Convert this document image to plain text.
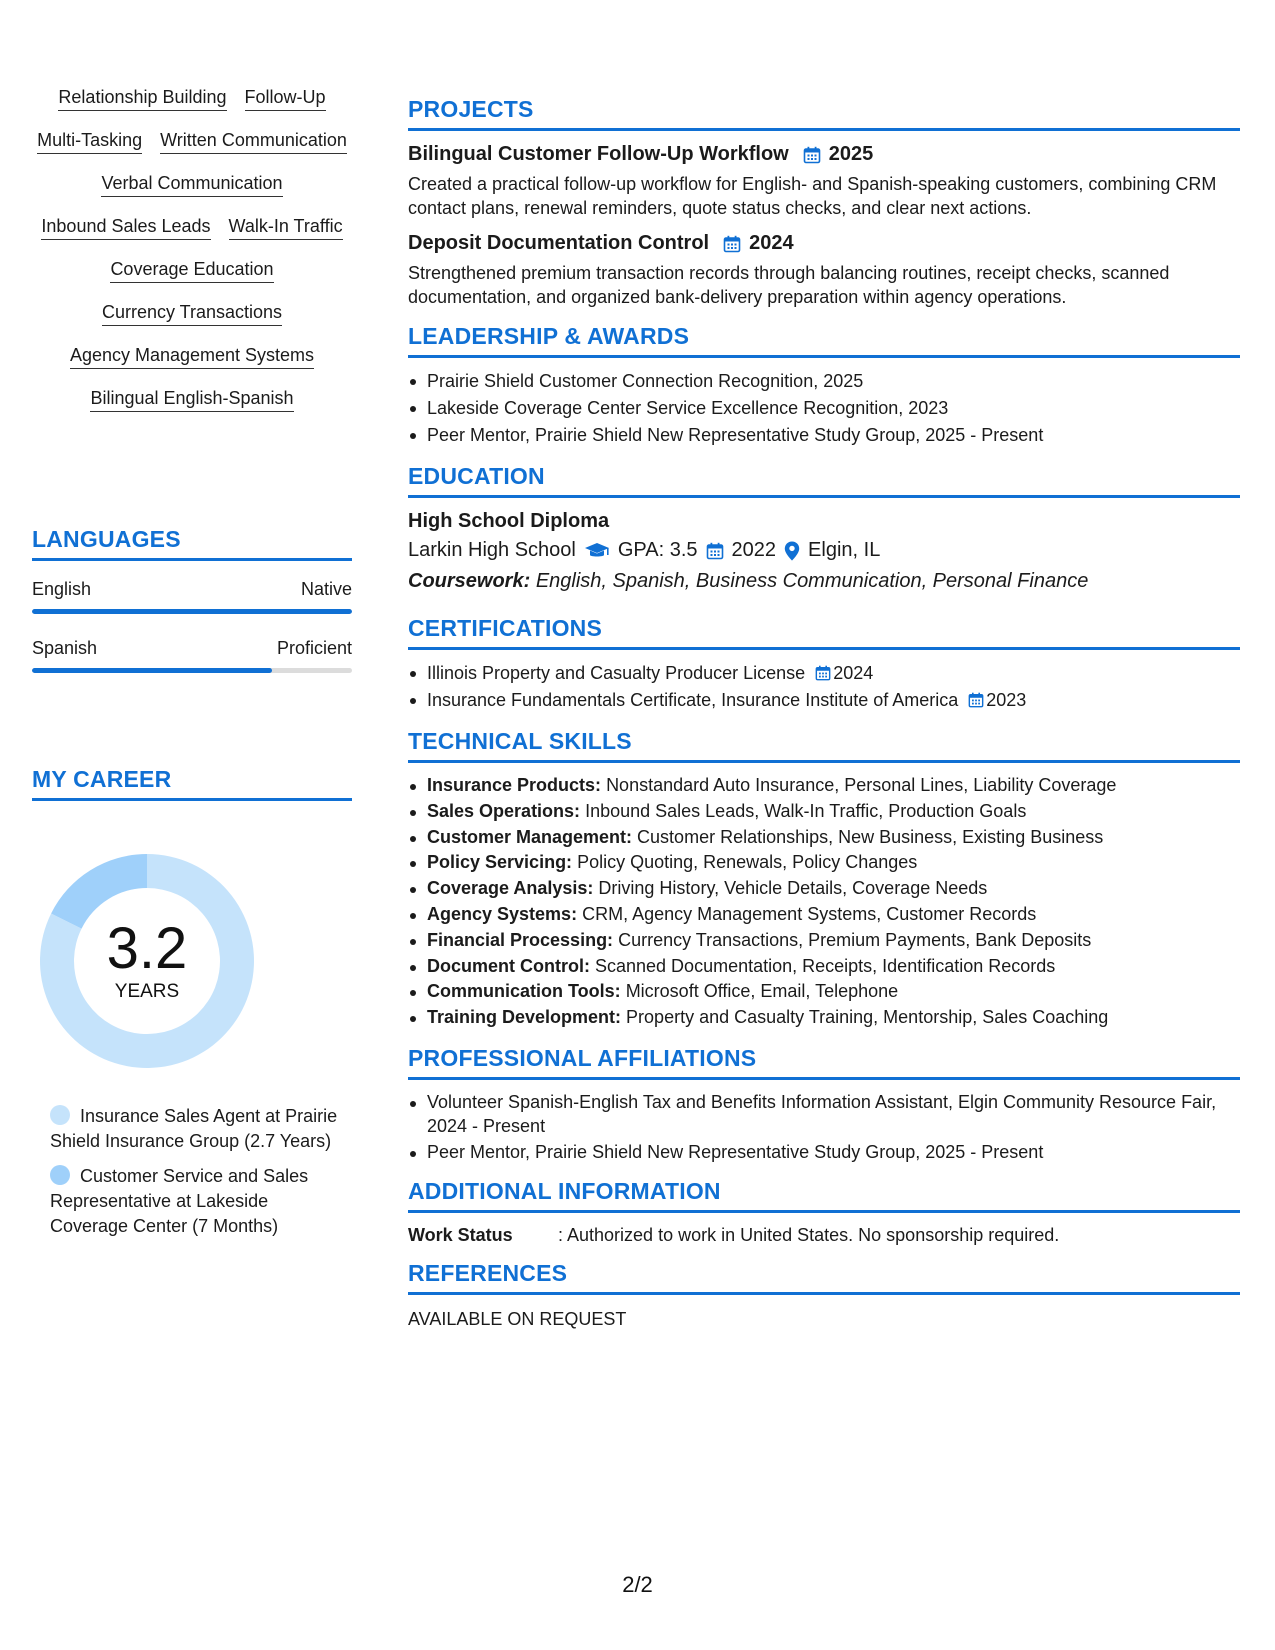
Relationship Building Follow-Up
Multi-Tasking Written Communication
Verbal Communication
Inbound Sales Leads Walk-In Traffic
Coverage Education
Currency Transactions
Agency Management Systems
Bilingual English-Spanish
LANGUAGES
English	Native
Spanish	Proficient
MY CAREER
3.2
YEARS
Insurance Sales Agent at Prairie Shield Insurance Group (2.7 Years)
Customer Service and Sales Representative at Lakeside Coverage Center (7 Months)
PROJECTS
Bilingual Customer Follow-Up Workflow 2025
Created a practical follow-up workflow for English- and Spanish-speaking customers, combining CRM contact plans, renewal reminders, quote status checks, and clear next actions.
Deposit Documentation Control 2024
Strengthened premium transaction records through balancing routines, receipt checks, scanned documentation, and organized bank-delivery preparation within agency operations.
LEADERSHIP & AWARDS
Prairie Shield Customer Connection Recognition, 2025
Lakeside Coverage Center Service Excellence Recognition, 2023
Peer Mentor, Prairie Shield New Representative Study Group, 2025 - Present
EDUCATION
High School Diploma
Larkin High School GPA: 3.5 2022 Elgin, IL
Coursework: English, Spanish, Business Communication, Personal Finance
CERTIFICATIONS
Illinois Property and Casualty Producer License 2024
Insurance Fundamentals Certificate, Insurance Institute of America 2023
TECHNICAL SKILLS
Insurance Products: Nonstandard Auto Insurance, Personal Lines, Liability Coverage
Sales Operations: Inbound Sales Leads, Walk-In Traffic, Production Goals
Customer Management: Customer Relationships, New Business, Existing Business
Policy Servicing: Policy Quoting, Renewals, Policy Changes
Coverage Analysis: Driving History, Vehicle Details, Coverage Needs
Agency Systems: CRM, Agency Management Systems, Customer Records
Financial Processing: Currency Transactions, Premium Payments, Bank Deposits
Document Control: Scanned Documentation, Receipts, Identification Records
Communication Tools: Microsoft Office, Email, Telephone
Training Development: Property and Casualty Training, Mentorship, Sales Coaching
PROFESSIONAL AFFILIATIONS
Volunteer Spanish-English Tax and Benefits Information Assistant, Elgin Community Resource Fair, 2024 - Present
Peer Mentor, Prairie Shield New Representative Study Group, 2025 - Present
ADDITIONAL INFORMATION
Work Status	: Authorized to work in United States. No sponsorship required.
REFERENCES
AVAILABLE ON REQUEST
2/2
